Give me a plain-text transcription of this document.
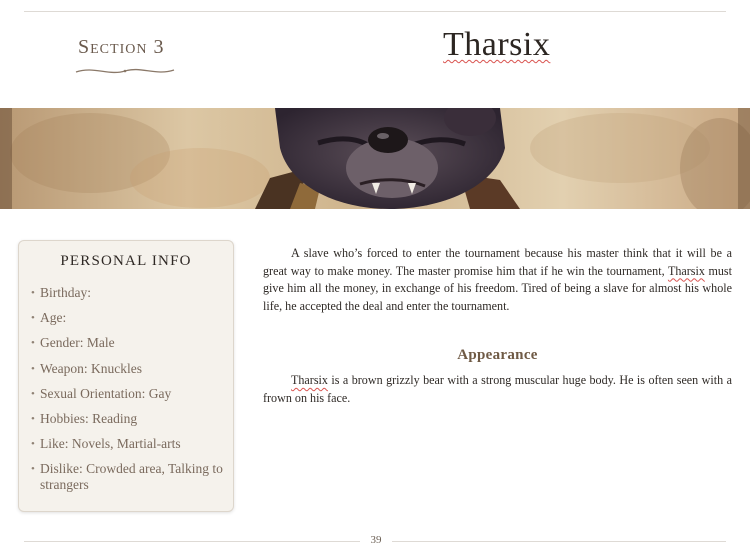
Section 3	Tharsix
PERSONAL INFO
• Birthday:
• Age:
• Gender: Male
• Weapon: Knuckles
• Sexual Orientation: Gay
• Hobbies: Reading
• Like: Novels, Martial-arts
• Dislike: Crowded area, Talking to strangers

A slave who’s forced to enter the tournament because his master think that it will be a great way to make money. The master promise him that if he win the tournament, Tharsix must give him all the money, in exchange of his freedom. Tired of being a slave for almost his whole life, he accepted the deal and enter the tournament.

Appearance

Tharsix is a brown grizzly bear with a strong muscular huge body. He is often seen with a frown on his face.

39
